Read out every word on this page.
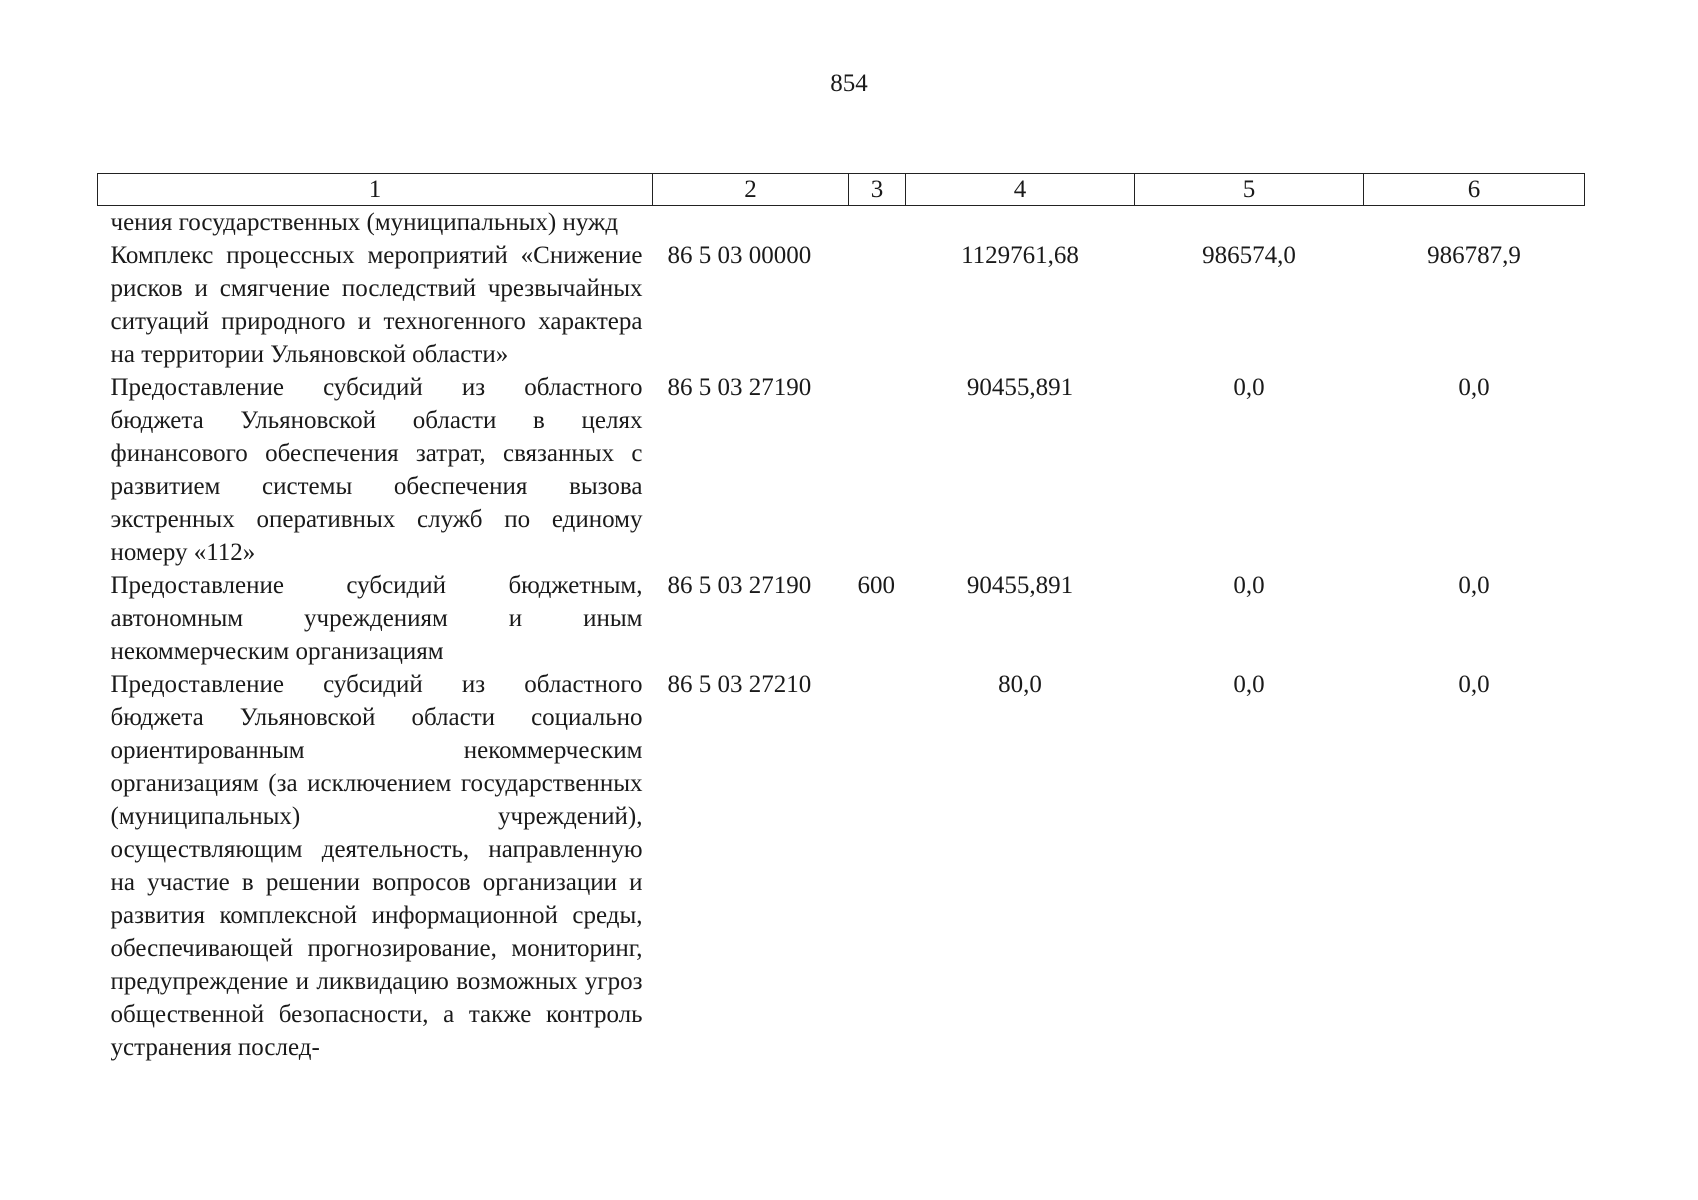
854
1	2	3	4	5	6
чения государственных (муниципальных) нужд					
Комплекс процессных мероприятий «Снижение рисков и смягчение последствий чрезвычайных ситуаций природного и техногенного характера на территории Ульяновской области»	86 5 03 00000		1129761,68	986574,0	986787,9
Предоставление субсидий из областного бюджета Ульяновской области в целях финансового обеспечения затрат, связанных с развитием системы обеспечения вызова экстренных оперативных служб по единому номеру «112»	86 5 03 27190		90455,891	0,0	0,0
Предоставление субсидий бюджетным, автономным учреждениям и иным некоммерческим организациям	86 5 03 27190	600	90455,891	0,0	0,0
Предоставление субсидий из областного бюджета Ульяновской области социально ориентированным некоммерческим организациям (за исключением государственных (муниципальных) учреждений), осуществляющим деятельность, направленную на участие в решении вопросов организации и развития комплексной информационной среды, обеспечивающей прогнозирование, мониторинг, предупреждение и ликвидацию возможных угроз общественной безопасности, а также контроль устранения послед-	86 5 03 27210		80,0	0,0	0,0
